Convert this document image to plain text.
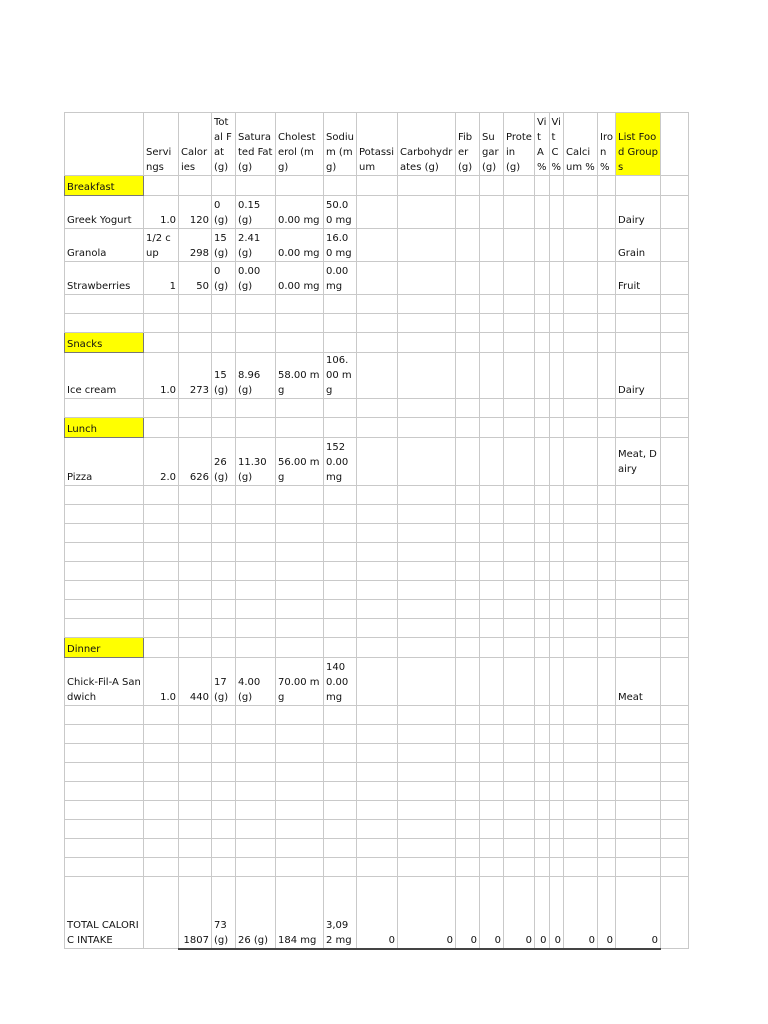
	Servings	Calories	Total Fat (g)	Saturated Fat (g)	Cholesterol (mg)	Sodium (mg)	Potassium	Carbohydrates (g)	Fiber (g)	Sugar (g)	Protein (g)	Vit A %	Vit C %	Calcium %	Iron %	List Food Groups	
Breakfast																	
Greek Yogurt	1.0	120	0 (g)	0.15 (g)	0.00 mg	50.00 mg										Dairy	
Granola	1/2 cup	298	15 (g)	2.41 (g)	0.00 mg	16.00 mg										Grain	
Strawberries	1	50	0 (g)	0.00 (g)	0.00 mg	0.00 mg										Fruit	

Snacks																	
Ice cream	1.0	273	15 (g)	8.96 (g)	58.00 mg	106.00 mg										Dairy	

Lunch																	
Pizza	2.0	626	26 (g)	11.30 (g)	56.00 mg	1520.00 mg										Meat, Dairy	

Dinner																	
Chick-Fil-A Sandwich	1.0	440	17 (g)	4.00 (g)	70.00 mg	1400.00 mg										Meat	

TOTAL CALORIC INTAKE		1807	73 (g)	26 (g)	184 mg	3,092 mg	0	0	0	0	0	0	0	0	0	0	
